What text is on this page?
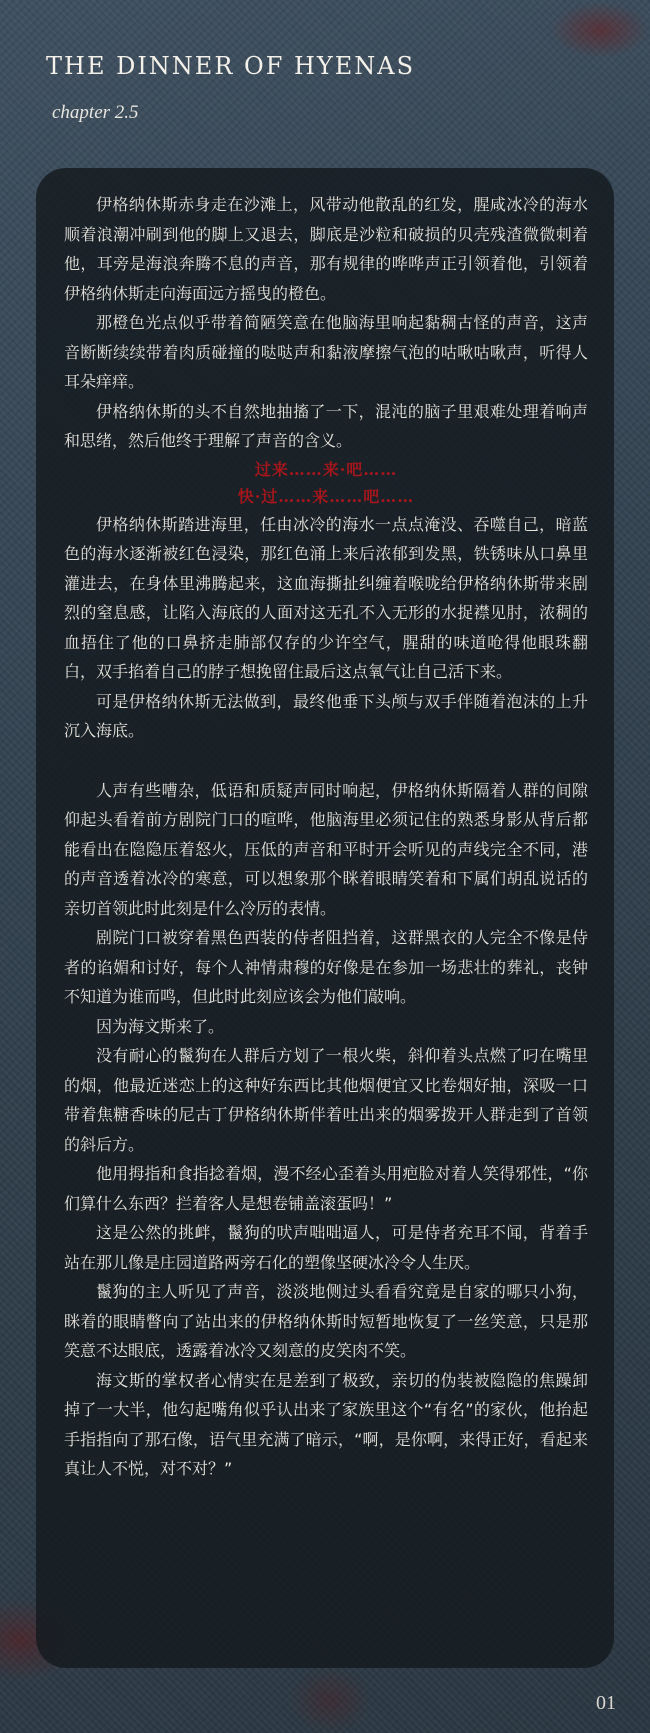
THE DINNER OF HYENAS
chapter 2.5

伊格纳休斯赤身走在沙滩上，风带动他散乱的红发，腥咸冰冷的海水顺着浪潮冲刷到他的脚上又退去，脚底是沙粒和破损的贝壳残渣微微刺着他，耳旁是海浪奔腾不息的声音，那有规律的哗哗声正引领着他，引领着伊格纳休斯走向海面远方摇曳的橙色。

那橙色光点似乎带着简陋笑意在他脑海里响起黏稠古怪的声音，这声音断断续续带着肉质碰撞的哒哒声和黏液摩擦气泡的咕啾咕啾声，听得人耳朵痒痒。

伊格纳休斯的头不自然地抽搐了一下，混沌的脑子里艰难处理着响声和思绪，然后他终于理解了声音的含义。

过来……来·吧……

快·过……来……吧……

伊格纳休斯踏进海里，任由冰冷的海水一点点淹没、吞噬自己，暗蓝色的海水逐渐被红色浸染，那红色涌上来后浓郁到发黑，铁锈味从口鼻里灌进去，在身体里沸腾起来，这血海撕扯纠缠着喉咙给伊格纳休斯带来剧烈的窒息感，让陷入海底的人面对这无孔不入无形的水捉襟见肘，浓稠的血捂住了他的口鼻挤走肺部仅存的少许空气，腥甜的味道呛得他眼珠翻白，双手掐着自己的脖子想挽留住最后这点氧气让自己活下来。

可是伊格纳休斯无法做到，最终他垂下头颅与双手伴随着泡沫的上升沉入海底。

人声有些嘈杂，低语和质疑声同时响起，伊格纳休斯隔着人群的间隙仰起头看着前方剧院门口的喧哗，他脑海里必须记住的熟悉身影从背后都能看出在隐隐压着怒火，压低的声音和平时开会听见的声线完全不同，港的声音透着冰冷的寒意，可以想象那个眯着眼睛笑着和下属们胡乱说话的亲切首领此时此刻是什么冷厉的表情。

剧院门口被穿着黑色西装的侍者阻挡着，这群黑衣的人完全不像是侍者的谄媚和讨好，每个人神情肃穆的好像是在参加一场悲壮的葬礼，丧钟不知道为谁而鸣，但此时此刻应该会为他们敲响。

因为海文斯来了。

没有耐心的鬣狗在人群后方划了一根火柴，斜仰着头点燃了叼在嘴里的烟，他最近迷恋上的这种好东西比其他烟便宜又比卷烟好抽，深吸一口带着焦糖香味的尼古丁伊格纳休斯伴着吐出来的烟雾拨开人群走到了首领的斜后方。

他用拇指和食指捻着烟，漫不经心歪着头用疤脸对着人笑得邪性，“你们算什么东西？拦着客人是想卷铺盖滚蛋吗！”

这是公然的挑衅，鬣狗的吠声咄咄逼人，可是侍者充耳不闻，背着手站在那儿像是庄园道路两旁石化的塑像坚硬冰冷令人生厌。

鬣狗的主人听见了声音，淡淡地侧过头看看究竟是自家的哪只小狗，眯着的眼睛瞥向了站出来的伊格纳休斯时短暂地恢复了一丝笑意，只是那笑意不达眼底，透露着冰冷又刻意的皮笑肉不笑。

海文斯的掌权者心情实在是差到了极致，亲切的伪装被隐隐的焦躁卸掉了一大半，他勾起嘴角似乎认出来了家族里这个“有名”的家伙，他抬起手指指向了那石像，语气里充满了暗示，“啊，是你啊，来得正好，看起来真让人不悦，对不对？”

01
